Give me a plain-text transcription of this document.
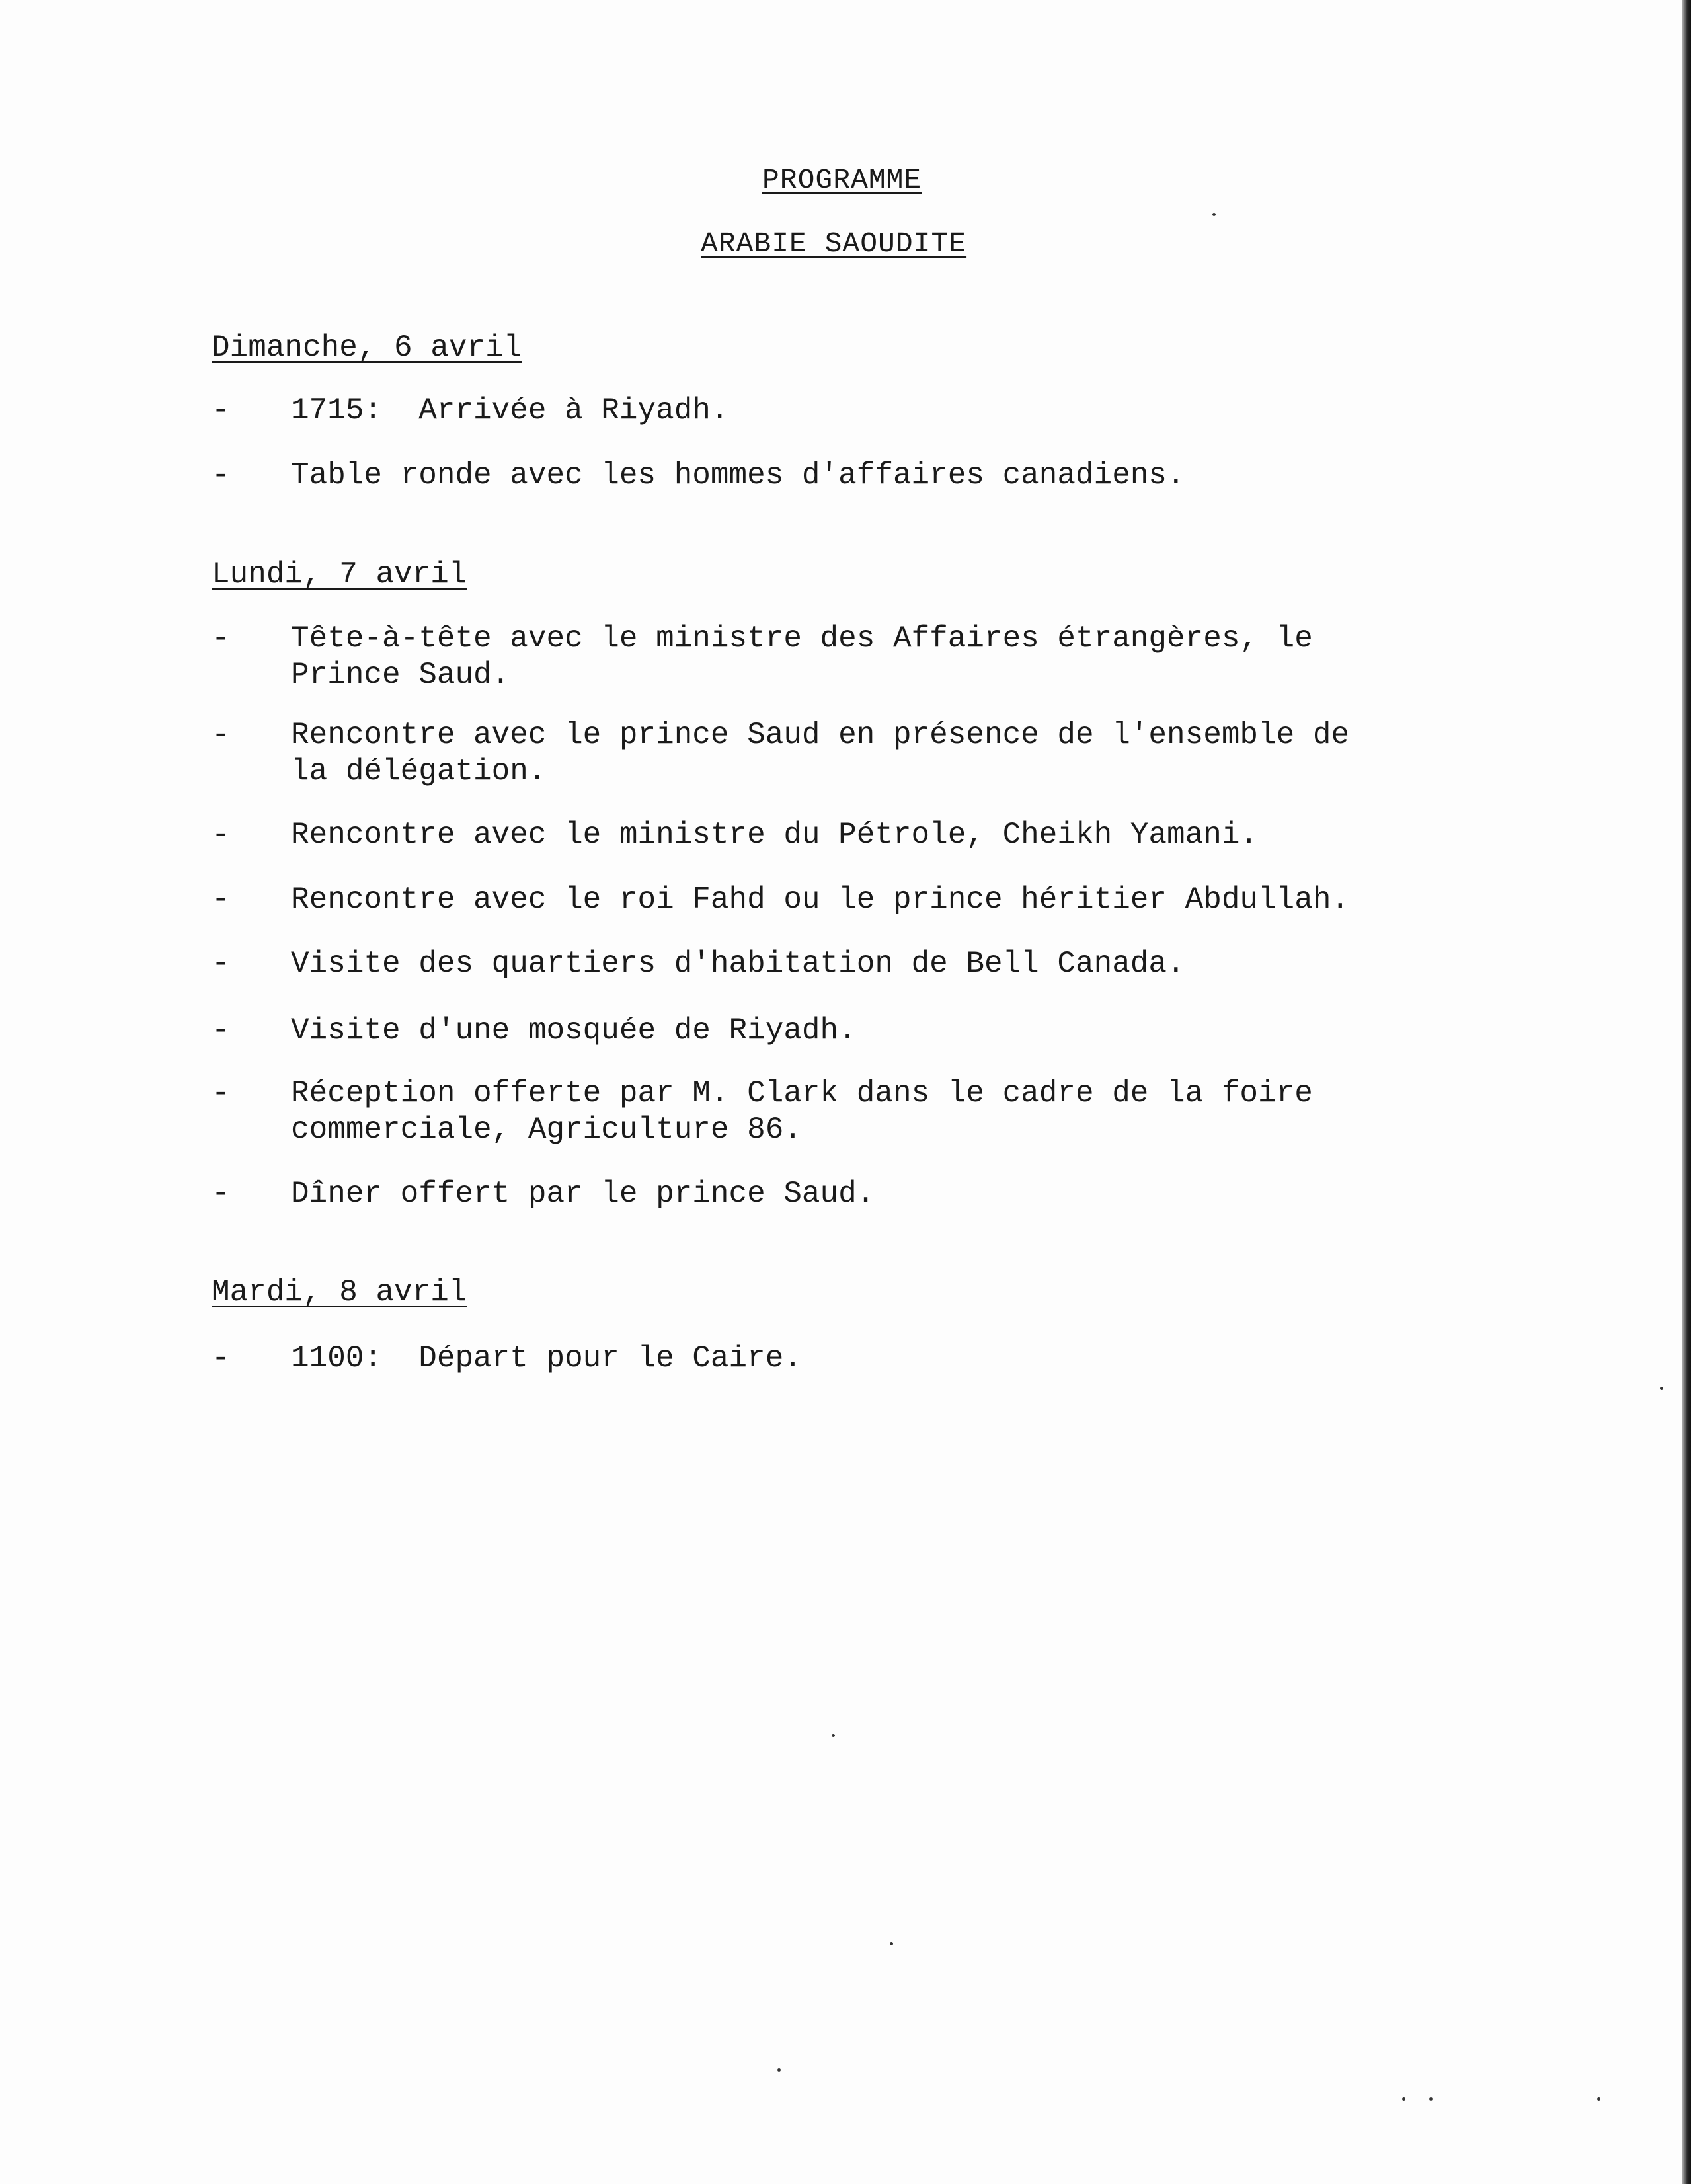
PROGRAMME
ARABIE SAOUDITE
Dimanche, 6 avril
- 1715:  Arrivée à Riyadh.
- Table ronde avec les hommes d'affaires canadiens.
Lundi, 7 avril
- Tête-à-tête avec le ministre des Affaires étrangères, le
Prince Saud.
- Rencontre avec le prince Saud en présence de l'ensemble de
la délégation.
- Rencontre avec le ministre du Pétrole, Cheikh Yamani.
- Rencontre avec le roi Fahd ou le prince héritier Abdullah.
- Visite des quartiers d'habitation de Bell Canada.
- Visite d'une mosquée de Riyadh.
- Réception offerte par M. Clark dans le cadre de la foire
commerciale, Agriculture 86.
- Dîner offert par le prince Saud.
Mardi, 8 avril
- 1100:  Départ pour le Caire.
